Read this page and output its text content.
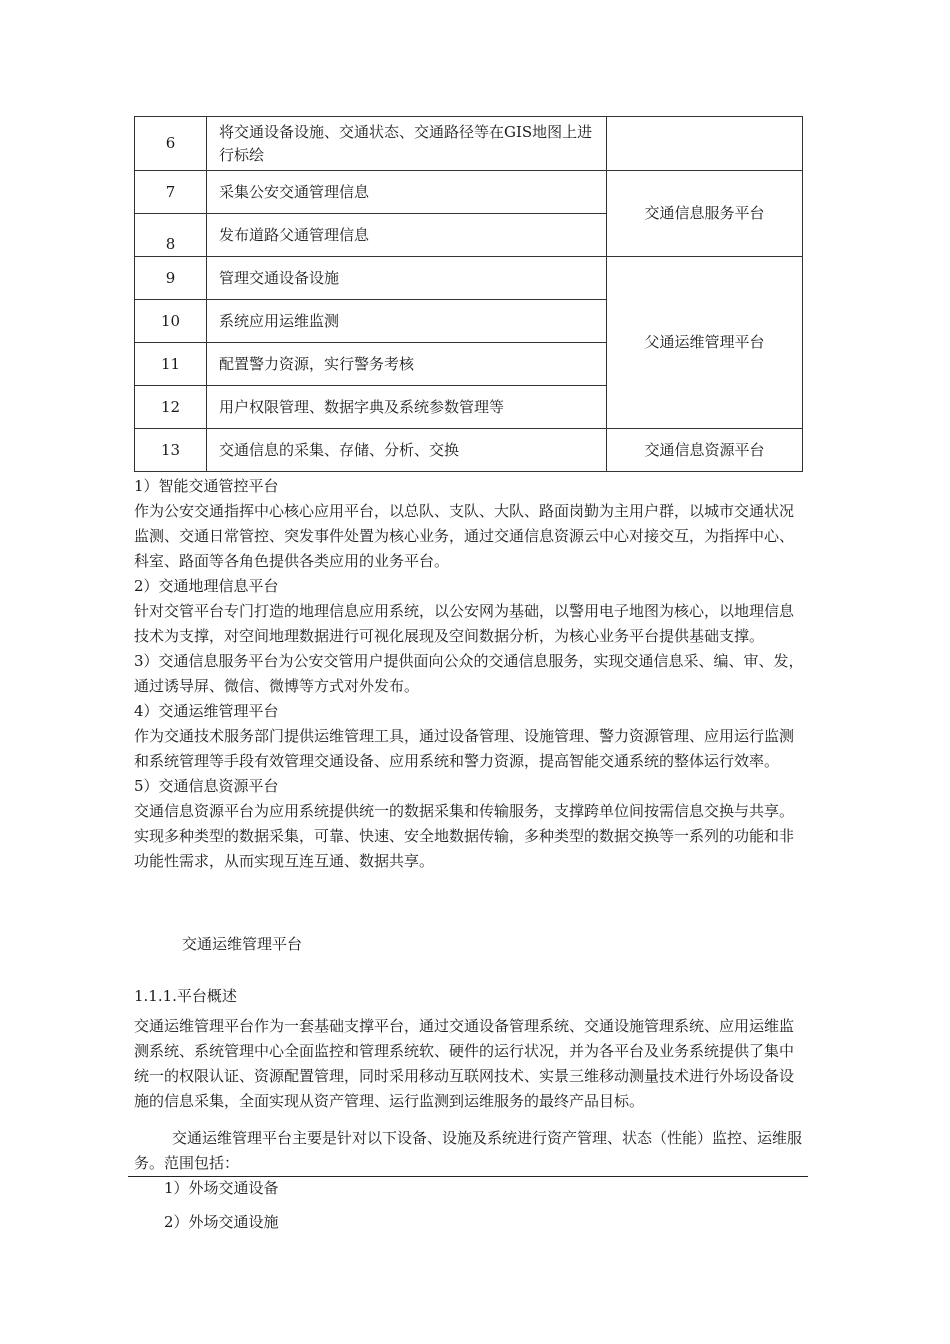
6	将交通设备设施、交通状态、交通路径等在GIS地图上进行标绘	
7	采集公安交通管理信息	交通信息服务平台
8	发布道路父通管理信息	
9	管理交通设备设施	父通运维管理平台
10	系统应用运维监测	
11	配置警力资源，实行警务考核	
12	用户权限管理、数据字典及系统参数管理等	
13	交通信息的采集、存储、分析、交换	交通信息资源平台

1）智能交通管控平台

作为公安交通指挥中心核心应用平台，以总队、支队、大队、路面岗勤为主用户群，以城市交通状况监测、交通日常管控、突发事件处置为核心业务，通过交通信息资源云中心对接交互，为指挥中心、科室、路面等各角色提供各类应用的业务平台。

2）交通地理信息平台

针对交管平台专门打造的地理信息应用系统，以公安网为基础，以警用电子地图为核心，以地理信息技术为支撑，对空间地理数据进行可视化展现及空间数据分析，为核心业务平台提供基础支撑。

3）交通信息服务平台为公安交管用户提供面向公众的交通信息服务，实现交通信息采、编、审、发，通过诱导屏、微信、微博等方式对外发布。

4）交通运维管理平台

作为交通技术服务部门提供运维管理工具，通过设备管理、设施管理、警力资源管理、应用运行监测和系统管理等手段有效管理交通设备、应用系统和警力资源，提高智能交通系统的整体运行效率。

5）交通信息资源平台

交通信息资源平台为应用系统提供统一的数据采集和传输服务，支撑跨单位间按需信息交换与共享。实现多种类型的数据采集，可靠、快速、安全地数据传输，多种类型的数据交换等一系列的功能和非功能性需求，从而实现互连互通、数据共享。

交通运维管理平台
1.1.1.平台概述
交通运维管理平台作为一套基础支撑平台，通过交通设备管理系统、交通设施管理系统、应用运维监测系统、系统管理中心全面监控和管理系统软、硬件的运行状况，并为各平台及业务系统提供了集中统一的权限认证、资源配置管理，同时采用移动互联网技术、实景三维移动测量技术进行外场设备设施的信息采集，全面实现从资产管理、运行监测到运维服务的最终产品目标。
交通运维管理平台主要是针对以下设备、设施及系统进行资产管理、状态（性能）监控、运维服务。范围包括：
1）外场交通设备
2）外场交通设施
